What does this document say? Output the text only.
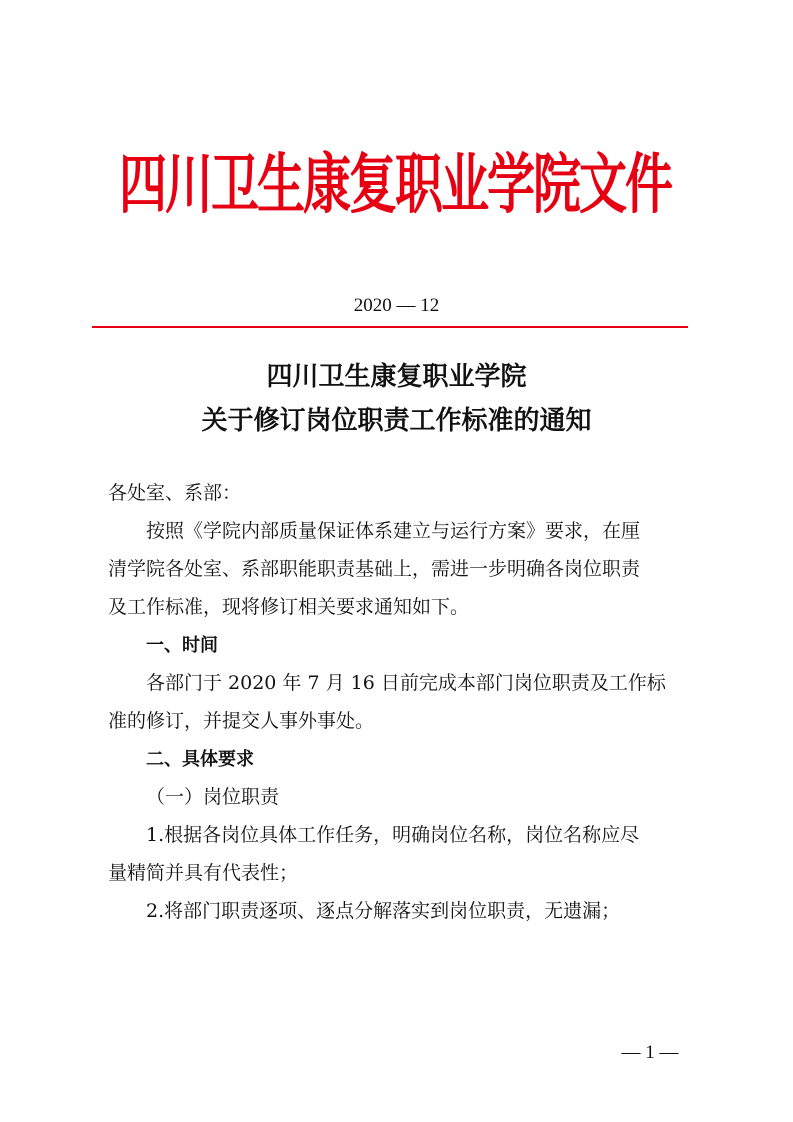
四川卫生康复职业学院文件
2020 — 12
四川卫生康复职业学院
关于修订岗位职责工作标准的通知
各处室、系部：
按照《学院内部质量保证体系建立与运行方案》要求，在厘
清学院各处室、系部职能职责基础上，需进一步明确各岗位职责
及工作标准，现将修订相关要求通知如下。
一、时间
各部门于 2020 年 7 月 16 日前完成本部门岗位职责及工作标
准的修订，并提交人事外事处。
二、具体要求
（一）岗位职责
1.根据各岗位具体工作任务，明确岗位名称，岗位名称应尽
量精简并具有代表性；
2.将部门职责逐项、逐点分解落实到岗位职责，无遗漏；
— 1 —
